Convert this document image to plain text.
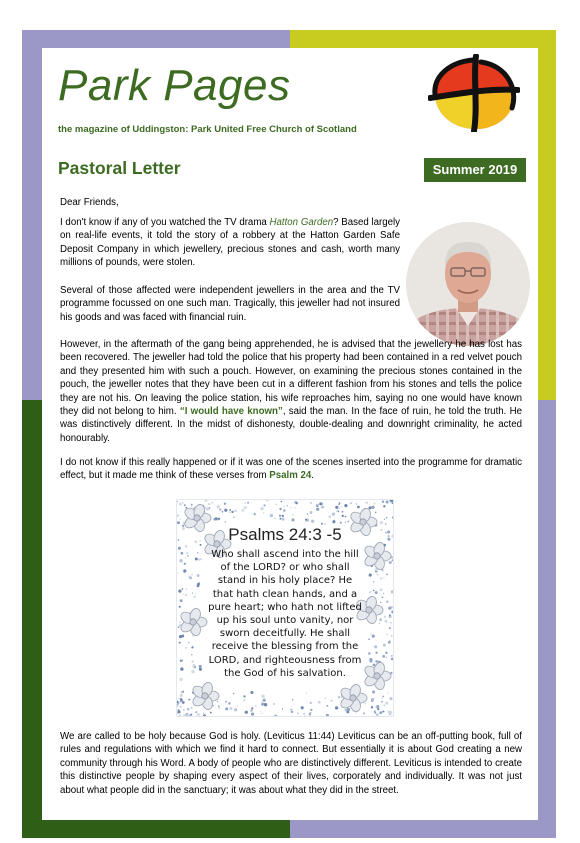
Park Pages
the magazine of Uddingston: Park United Free Church of Scotland
Pastoral Letter	Summer 2019

Dear Friends,

I don't know if any of you watched the TV drama Hatton Garden? Based largely on real-life events, it told the story of a robbery at the Hatton Garden Safe Deposit Company in which jewellery, precious stones and cash, worth many millions of pounds, were stolen.

Several of those affected were independent jewellers in the area and the TV programme focussed on one such man. Tragically, this jeweller had not insured his goods and was faced with financial ruin.

However, in the aftermath of the gang being apprehended, he is advised that the jewellery he has lost has been recovered. The jeweller had told the police that his property had been contained in a red velvet pouch and they presented him with such a pouch. However, on examining the precious stones contained in the pouch, the jeweller notes that they have been cut in a different fashion from his stones and tells the police they are not his. On leaving the police station, his wife reproaches him, saying no one would have known they did not belong to him. “I would have known”, said the man. In the face of ruin, he told the truth. He was distinctively different. In the midst of dishonesty, double-dealing and downright criminality, he acted honourably.

I do not know if this really happened or if it was one of the scenes inserted into the programme for dramatic effect, but it made me think of these verses from Psalm 24.

Psalms 24:3 -5
Who shall ascend into the hill of the LORD? or who shall stand in his holy place? He that hath clean hands, and a pure heart; who hath not lifted up his soul unto vanity, nor sworn deceitfully. He shall receive the blessing from the LORD, and righteousness from the God of his salvation.

We are called to be holy because God is holy. (Leviticus 11:44) Leviticus can be an off-putting book, full of rules and regulations with which we find it hard to connect. But essentially it is about God creating a new community through his Word. A body of people who are distinctively different. Leviticus is intended to create this distinctive people by shaping every aspect of their lives, corporately and individually. It was not just about what people did in the sanctuary; it was about what they did in the street.
